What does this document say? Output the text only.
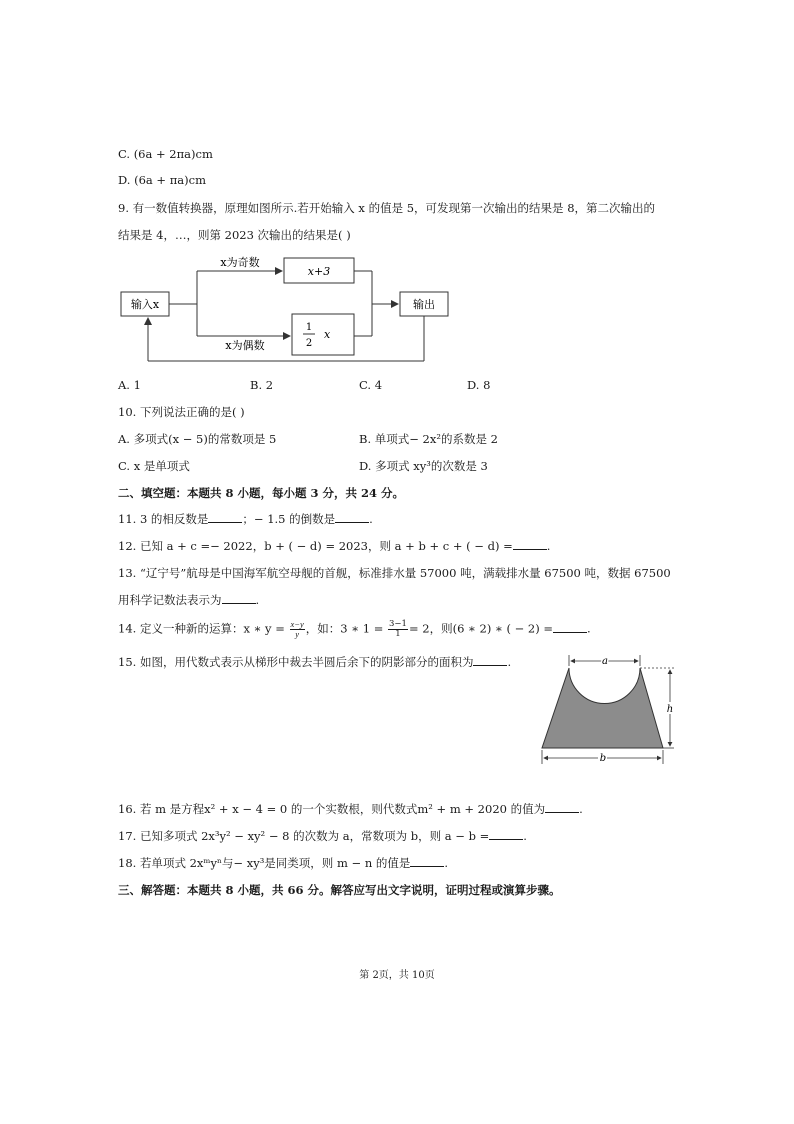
C. (6a + 2πa)cm
D. (6a + πa)cm
9. 有一数值转换器，原理如图所示.若开始输入 x 的值是 5，可发现第一次输出的结果是 8，第二次输出的
结果是 4，…，则第 2023 次输出的结果是( )
输入x
x为奇数
x为偶数
x+3
1
2
x
输出
A. 1	B. 2	C. 4	D. 8
10. 下列说法正确的是( )
A. 多项式(x − 5)的常数项是 5	B. 单项式− 2x²的系数是 2
C. x 是单项式	D. 多项式 xy³的次数是 3
二、填空题：本题共 8 小题，每小题 3 分，共 24 分。
11. 3 的相反数是	；− 1.5 的倒数是	.
12. 已知 a + c =− 2022，b + ( − d) = 2023，则 a + b + c + ( − d) =	.
13. “辽宁号”航母是中国海军航空母舰的首舰，标准排水量 57000 吨，满载排水量 67500 吨，数据 67500
用科学记数法表示为	.
14. 定义一种新的运算：x ∗ $y = \frac{x-y}{y}$ ，如：3 ∗ $1 = \frac{3-1}{1} = 2$，则(6 ∗ 2) ∗ ( − 2) =	.
15. 如图，用代数式表示从梯形中裁去半圆后余下的阴影部分的面积为	.	a
h
b
16. 若 m 是方程x² + x − 4 = 0 的一个实数根，则代数式m² + m + 2020 的值为	.
17. 已知多项式 2x³y² − xy² − 8 的次数为 a，常数项为 b，则 a − b =	.
18. 若单项式 2xᵐyⁿ与− xy³是同类项，则 m − n 的值是	.
三、解答题：本题共 8 小题，共 66 分。解答应写出文字说明，证明过程或演算步骤。
第 2页，共 10页
